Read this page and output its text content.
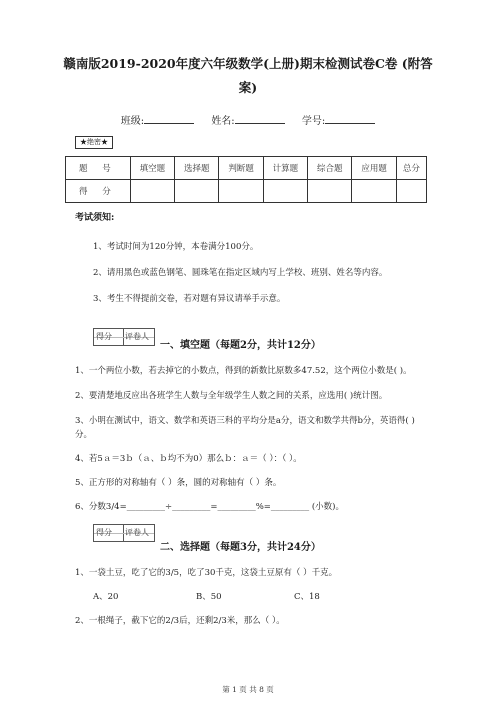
赣南版2019-2020年度六年级数学(上册)期末检测试卷C卷 (附答
案)
班级:	姓名:	学号:
★绝密★
题 号	填空题	选择题	判断题	计算题	综合题	应用题	总分
得 分							
考试须知:
1、考试时间为120分钟，本卷满分100分。
2、请用黑色或蓝色钢笔、圆珠笔在指定区域内写上学校、班别、姓名等内容。
3、考生不得提前交卷，若对题有异议请举手示意。
得分 评卷人
一、填空题（每题2分，共计12分）
1、一个两位小数，若去掉它的小数点，得到的新数比原数多47.52，这个两位小数是( )。
2、要清楚地反应出各班学生人数与全年级学生人数之间的关系，应选用( )统计图。
3、小明在测试中，语文、数学和英语三科的平均分是a分，语文和数学共得b分，英语得( )
分。
4、若5ａ＝3ｂ（ａ、ｂ均不为0）那么ｂ：ａ＝（ ）：（ ）。
5、正方形的对称轴有（ ）条，圆的对称轴有（ ）条。
6、分数3/4=_________÷_________=_________%=_________ (小数)。
得分 评卷人
二、选择题（每题3分，共计24分）
1、一袋土豆，吃了它的3/5，吃了30千克，这袋土豆原有（ ）千克。
A、20	B、50	C、18
2、一根绳子，截下它的2/3后，还剩2/3米，那么（ ）。
第 1 页 共 8 页
